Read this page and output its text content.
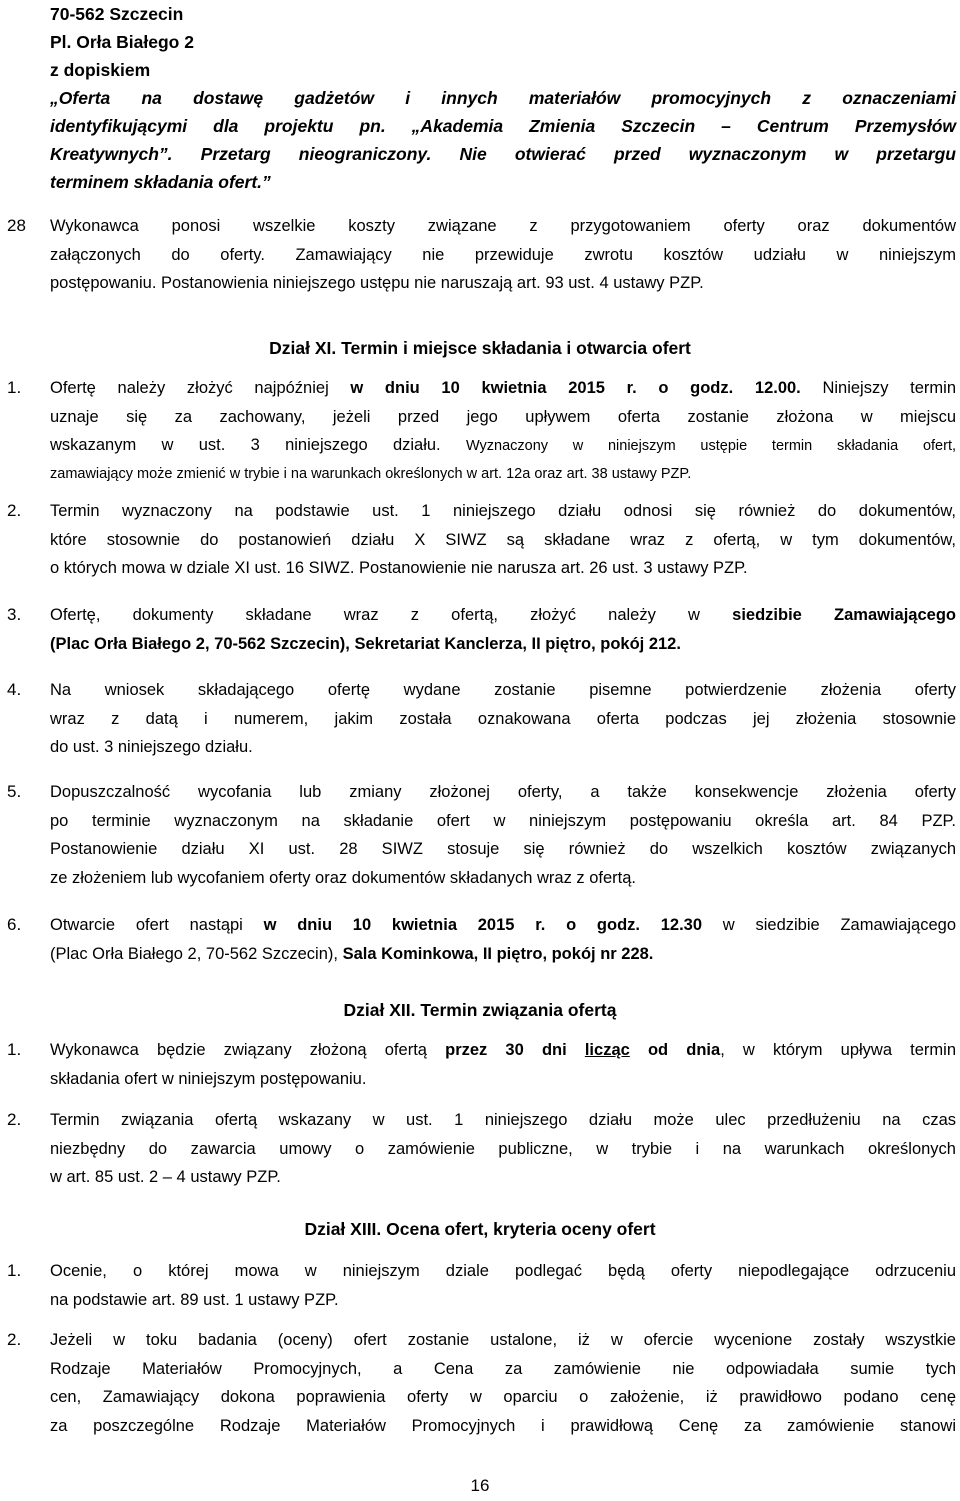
70-562 Szczecin
Pl. Orła Białego 2
z dopiskiem
„Oferta na dostawę gadżetów i innych materiałów promocyjnych z oznaczeniami
identyfikującymi dla projektu pn. „Akademia Zmienia Szczecin – Centrum Przemysłów
Kreatywnych”. Przetarg nieograniczony. Nie otwierać przed wyznaczonym w przetargu
terminem składania ofert.”
28 Wykonawca ponosi wszelkie koszty związane z przygotowaniem oferty oraz dokumentów
załączonych do oferty. Zamawiający nie przewiduje zwrotu kosztów udziału w niniejszym
postępowaniu. Postanowienia niniejszego ustępu nie naruszają art. 93 ust. 4 ustawy PZP.
Dział XI. Termin i miejsce składania i otwarcia ofert
1. Ofertę należy złożyć najpóźniej w dniu 10 kwietnia 2015 r. o godz. 12.00. Niniejszy termin
uznaje się za zachowany, jeżeli przed jego upływem oferta zostanie złożona w miejscu
wskazanym w ust. 3 niniejszego działu. Wyznaczony w niniejszym ustępie termin składania ofert,
zamawiający może zmienić w trybie i na warunkach określonych w art. 12a oraz art. 38 ustawy PZP.
2. Termin wyznaczony na podstawie ust. 1 niniejszego działu odnosi się również do dokumentów,
które stosownie do postanowień działu X SIWZ są składane wraz z ofertą, w tym dokumentów,
o których mowa w dziale XI ust. 16 SIWZ. Postanowienie nie narusza art. 26 ust. 3 ustawy PZP.
3. Ofertę, dokumenty składane wraz z ofertą, złożyć należy w siedzibie Zamawiającego
(Plac Orła Białego 2, 70-562 Szczecin), Sekretariat Kanclerza, II piętro, pokój 212.
4. Na wniosek składającego ofertę wydane zostanie pisemne potwierdzenie złożenia oferty
wraz z datą i numerem, jakim została oznakowana oferta podczas jej złożenia stosownie
do ust. 3 niniejszego działu.
5. Dopuszczalność wycofania lub zmiany złożonej oferty, a także konsekwencje złożenia oferty
po terminie wyznaczonym na składanie ofert w niniejszym postępowaniu określa art. 84 PZP.
Postanowienie działu XI ust. 28 SIWZ stosuje się również do wszelkich kosztów związanych
ze złożeniem lub wycofaniem oferty oraz dokumentów składanych wraz z ofertą.
6. Otwarcie ofert nastąpi w dniu 10 kwietnia 2015 r. o godz. 12.30 w siedzibie Zamawiającego
(Plac Orła Białego 2, 70-562 Szczecin), Sala Kominkowa, II piętro, pokój nr 228.
Dział XII. Termin związania ofertą
1. Wykonawca będzie związany złożoną ofertą przez 30 dni licząc od dnia, w którym upływa termin
składania ofert w niniejszym postępowaniu.
2. Termin związania ofertą wskazany w ust. 1 niniejszego działu może ulec przedłużeniu na czas
niezbędny do zawarcia umowy o zamówienie publiczne, w trybie i na warunkach określonych
w art. 85 ust. 2 – 4 ustawy PZP.
Dział XIII. Ocena ofert, kryteria oceny ofert
1. Ocenie, o której mowa w niniejszym dziale podlegać będą oferty niepodlegające odrzuceniu
na podstawie art. 89 ust. 1 ustawy PZP.
2. Jeżeli w toku badania (oceny) ofert zostanie ustalone, iż w ofercie wycenione zostały wszystkie
Rodzaje Materiałów Promocyjnych, a Cena za zamówienie nie odpowiadała sumie tych
cen, Zamawiający dokona poprawienia oferty w oparciu o założenie, iż prawidłowo podano cenę
za poszczególne Rodzaje Materiałów Promocyjnych i prawidłową Cenę za zamówienie stanowi
16
